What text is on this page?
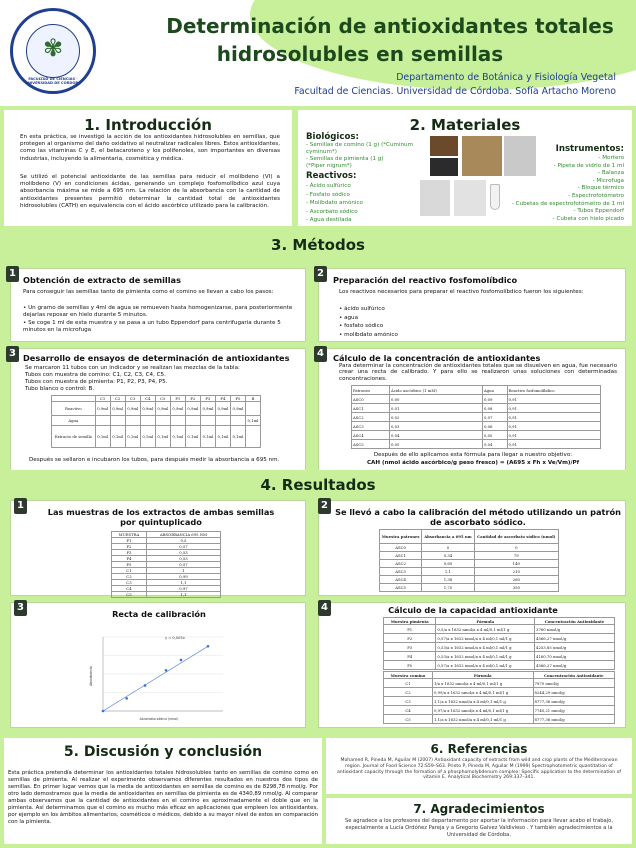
✾
FACULTAD DE CIENCIAS · UNIVERSIDAD DE CÓRDOBA
Determinación de antioxidantes totales
hidrosolubles en semillas
Departamento de Botánica y Fisiología Vegetal
Facultad de Ciencias. Universidad de Córdoba. Sofía Artacho Moreno
1. Introducción
En esta práctica, se investigó la acción de los antioxidantes hidrosolubles en semillas, que protegen al organismo del daño oxidativo al neutralizar radicales libres. Estos antioxidantes, como las vitaminas C y E, el betacaroteno y los polifenoles, son importantes en diversas industrias, incluyendo la alimentaria, cosmética y médica.
Se utilizó el potencial antioxidante de las semillas para reducir el molibdeno (VI) a molibdeno (V) en condiciones ácidas, generando un complejo fosfomolíbdico azul cuya absorbancia máxima se mide a 695 nm. La relación de la absorbancia con la cantidad de antioxidantes presentes permitió determinar la cantidad total de antioxidantes hidrosolubles (CATH) en equivalencia con el ácido ascórbico utilizado para la calibración.
2. Materiales
Biológicos:
- Semillas de comino (1 g) (*Cuminum cyminum*)
- Semillas de pimienta (1 g) (*Piper nigrum*)
Reactivos:
- Ácido sulfúrico
- Fosfato sódico
- Molibdato amónico
- Ascorbato sódico
- Agua destilada
Instrumentos:
- Mortero
- Pipeta de vidrio de 1 ml
- Balanza
- Microfuga
- Bloque térmico
- Espectrofotómetro
- Cubetas de espectrofotómetro de 1 ml
- Tubos Eppendorf
- Cubeta con hielo picado
3. Métodos
Obtención de extracto de semillas
Para conseguir las semillas tanto de pimienta como el comino se llevan a cabo los pasos:
• Un gramo de semillas y 4ml de agua se remueven hasta homogenizarse, para posteriormente dejarlas reposar en hielo durante 5 minutos.
• Se coge 1 ml de esta muestra y se pasa a un tubo Eppendorf para centrifugaria durante 5 minutos en la microfuga
1
Preparación del reactivo fosfomolíbdico
Los reactivos necesarios para preparar el reactivo fosfomolíbdico fueron los siguientes:
• ácido sulfúrico
• agua
• fosfato sódico
• molibdato amónico
2
Desarrollo de ensayos de determinación de antioxidantes
Se marcaron 11 tubos con un indicador y se realizan las mezclas de la tabla:
Tubos con muestra de comino: C1, C2, C3, C4, C5.
Tubos con muestra de pimienta: P1, P2, P3, P4, P5.
Tubo blanco o control: B.
	C1	C2	C3	C4	C5	P1	P2	P3	P4	P5	B
Reactivo	0,9ml	0,9ml	0,9ml	0,9ml	0,9ml	0,9ml	0,9ml	0,9ml	0,9ml	0,9ml	
Agua											0,1ml
Extracto de semilla	0,1ml	0,1ml	0,1ml	0,1ml	0,1ml	0,1ml	0,1ml	0,1ml	0,1ml	0,1ml	
Después se sellaron e incubaron los tubos, para después medir la absorbancia a 695 nm.
3	Cálculo de la concentración de antioxidantes
Para determinar la concentración de antioxidantes totales que se disuelven en agua, fue necesario crear una recta de calibrado. Y para ello se realizaron unas soluciones con determinadas concentraciones.
Patrones	Ácido ascórbico (1 mM)	Agua	Reactivo fosfomolíbdico
ASC0	0,00	0,09	0,91
ASC1	0,01	0,08	0,91
ASC2	0,02	0,07	0,91
ASC3	0,03	0,06	0,91
ASC4	0,04	0,05	0,91
ASC5	0,05	0,04	0,91
Después de ello aplicamos esta fórmula para llegar a nuestro objetivo:
CAH (nmol ácido ascórbico/g peso fresco) = (A695 x Fh x Ve/Vm)/Pf
4
4. Resultados
Las muestras de los extractos de ambas semillas por quintuplicado
MUESTRA	ABSORBANCIA 695 NM
P1	0,5
P2	0,57
P3	0,53
P4	0,53
P5	0,57
C1	1
C2	0,99
C3	1,1
C4	0,97
C5	1,1
1
Se llevó a cabo la calibración del método utilizando un patrón de ascorbato sódico.
Muestra patrones	Absorbancia a 695 nm	Cantidad de ascorbato sódico (nmol)
ASC0	0	0
ASC1	0,34	79
ASC2	0,69	140
ASC3	1,1	210
ASC4	1,38	260
ASC5	1,75	350
2
Recta de calibración
y = 0,005x
Ascorbato sódico (nmol)
Absorbancia
3	Cálculo de la capacidad antioxidante
Muestra pimienta	Fórmula	Concentración Antioxidante
P1	0,5/a x 1632 nmol/a x 4 ml/0,1 ml/1 g	3760 nmol/g
P2	0,57/a x 1632 nmol/a x 4 ml/0,1 ml/1 g	4566,27 nmol/g
P3	0,53/a x 1632 nmol/a x 4 ml/0,1 ml/1 g	4253,85 nmol/g
P4	0,53/a x 1632 nmol/a x 4 ml/0,1 ml/1 g	4160,70 nmol/g
P5	0,57/a x 1632 nmol/a x 4 ml/0,1 ml/1 g	4566,27 nmol/g
Muestra comino	Fórmula	Concentración Antioxidante
C1	1/a x 1632 nmol/a x 4 ml/0,1 ml/1 g	7970 nmol/g
C2	0,99/a x 1632 nmol/a x 4 ml/0,1 ml/1 g	8244,29 nmol/g
C3	1,1/a x 1632 nmol/a x 4 ml/0,1 ml/1 g	8777,36 nmol/g
C4	0,97/a x 1632 nmol/a x 4 ml/0,1 ml/1 g	7740,21 nmol/g
C5	1,1/a x 1632 nmol/a x 4 ml/0,1 ml/1 g	8777,36 nmol/g
4
5. Discusión y conclusión
Esta práctica pretendía determinar los antioxidantes totales hidrosolubles tanto en semillas de comino como en semillas de pimienta. Al realizar el experimento observamos diferentes resultados en nuestros dos tipos de semillas. En primer lugar vemos que la media de antioxidantes en semillas de comino es de 8298,78 nmol/g. Por otro lado demostramos que la media de antioxidantes en semillas de pimienta es de 4340,89 nmol/g. Al comparar ambas observamos que la cantidad de antioxidantes en el comino es aproximadamente el doble que en la pimienta. Así determinamos que el comino es mucho más eficaz en aplicaciones que empleen los antioxidantes, por ejemplo en los ámbitos alimentarios, cosméticos o médicos, debido a su mayor nivel de estos en comparación con la pimienta.
6. Referencias
Mohamed R, Pineda M, Aguilar M (2007) Antioxidant capacity of extracts from wild and crop plants of the Mediterranean region. Journal of Food Science 72:S59–S63. Prieto P, Pineda M, Aguilar M (1999) Spectrophotometric quantitation of antioxidant capacity through the formation of a phosphomolybdenum complex: Specific application to the determination of vitamin E. Analytical Biochemistry 269:337–341.
7. Agradecimientos
Se agradece a los profesores del departamento por aportar la información para llevar acabo el trabajo, especialmente a Lucía Ordóñez Pareja y a Gregorio Galvez Valdivieso . Y también agradecimientos a la Universidad de Córdoba.
